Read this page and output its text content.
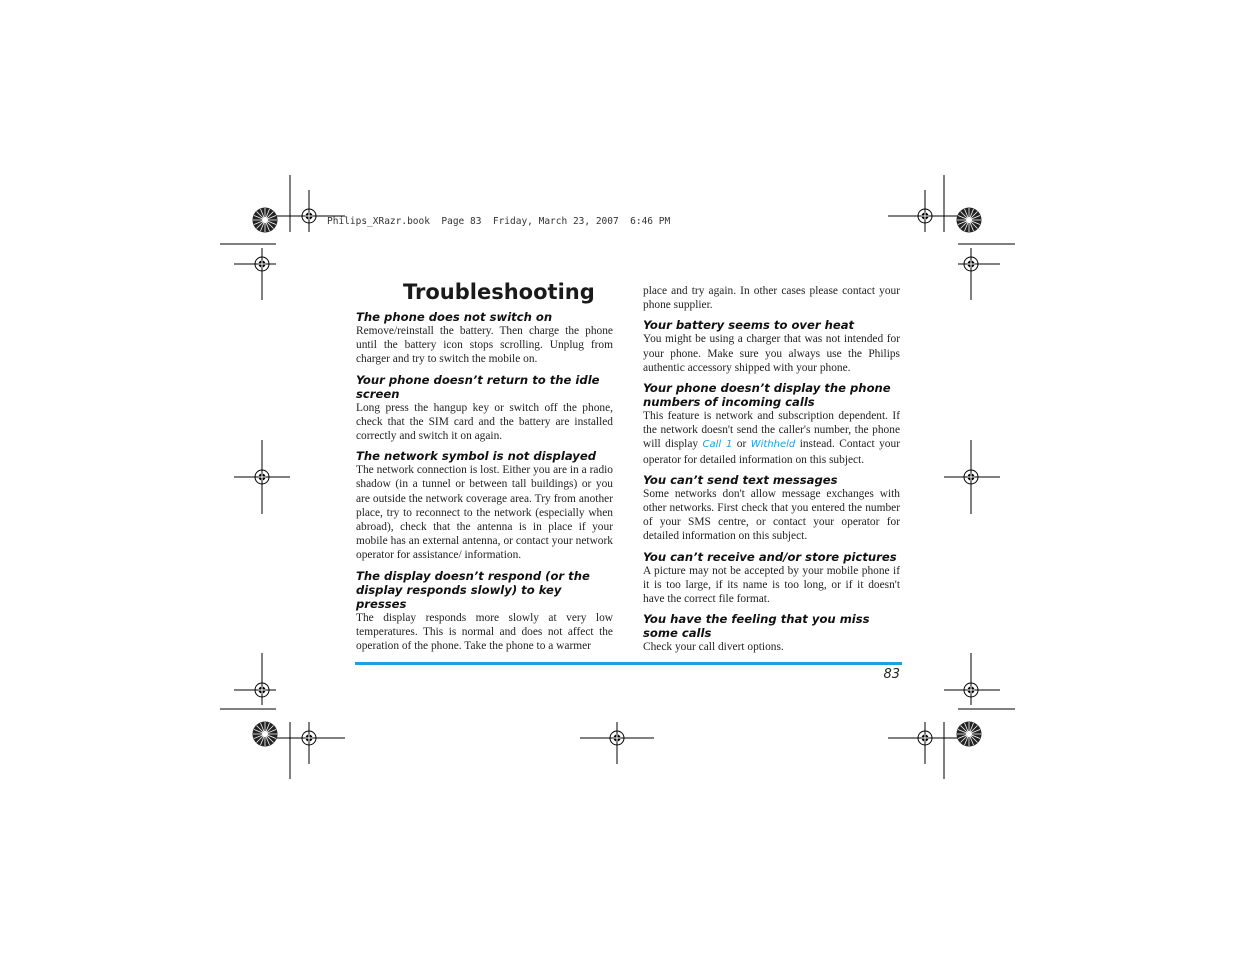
Philips_XRazr.book  Page 83  Friday, March 23, 2007  6:46 PM
Troubleshooting

The phone does not switch on

Remove/reinstall the battery. Then charge the phone until the battery icon stops scrolling. Unplug from charger and try to switch the mobile on.

Your phone doesn’t return to the idle screen

Long press the hangup key or switch off the phone, check that the SIM card and the battery are installed correctly and switch it on again.

The network symbol is not displayed

The network connection is lost. Either you are in a radio shadow (in a tunnel or between tall buildings) or you are outside the network coverage area. Try from another place, try to reconnect to the network (especially when abroad), check that the antenna is in place if your mobile has an external antenna, or contact your network operator for assistance/ information.

The display doesn’t respond (or the display responds slowly) to key presses

The display responds more slowly at very low temperatures. This is normal and does not affect the operation of the phone. Take the phone to a warmer

place and try again. In other cases please contact your phone supplier.

Your battery seems to over heat

You might be using a charger that was not intended for your phone. Make sure you always use the Philips authentic accessory shipped with your phone.

Your phone doesn’t display the phone numbers of incoming calls

This feature is network and subscription dependent. If the network doesn't send the caller's number, the phone will display Call 1 or Withheld instead. Contact your operator for detailed information on this subject.

You can’t send text messages

Some networks don't allow message exchanges with other networks. First check that you entered the number of your SMS centre, or contact your operator for detailed information on this subject.

You can’t receive and/or store pictures

A picture may not be accepted by your mobile phone if it is too large, if its name is too long, or if it doesn't have the correct file format.

You have the feeling that you miss some calls

Check your call divert options.

83
